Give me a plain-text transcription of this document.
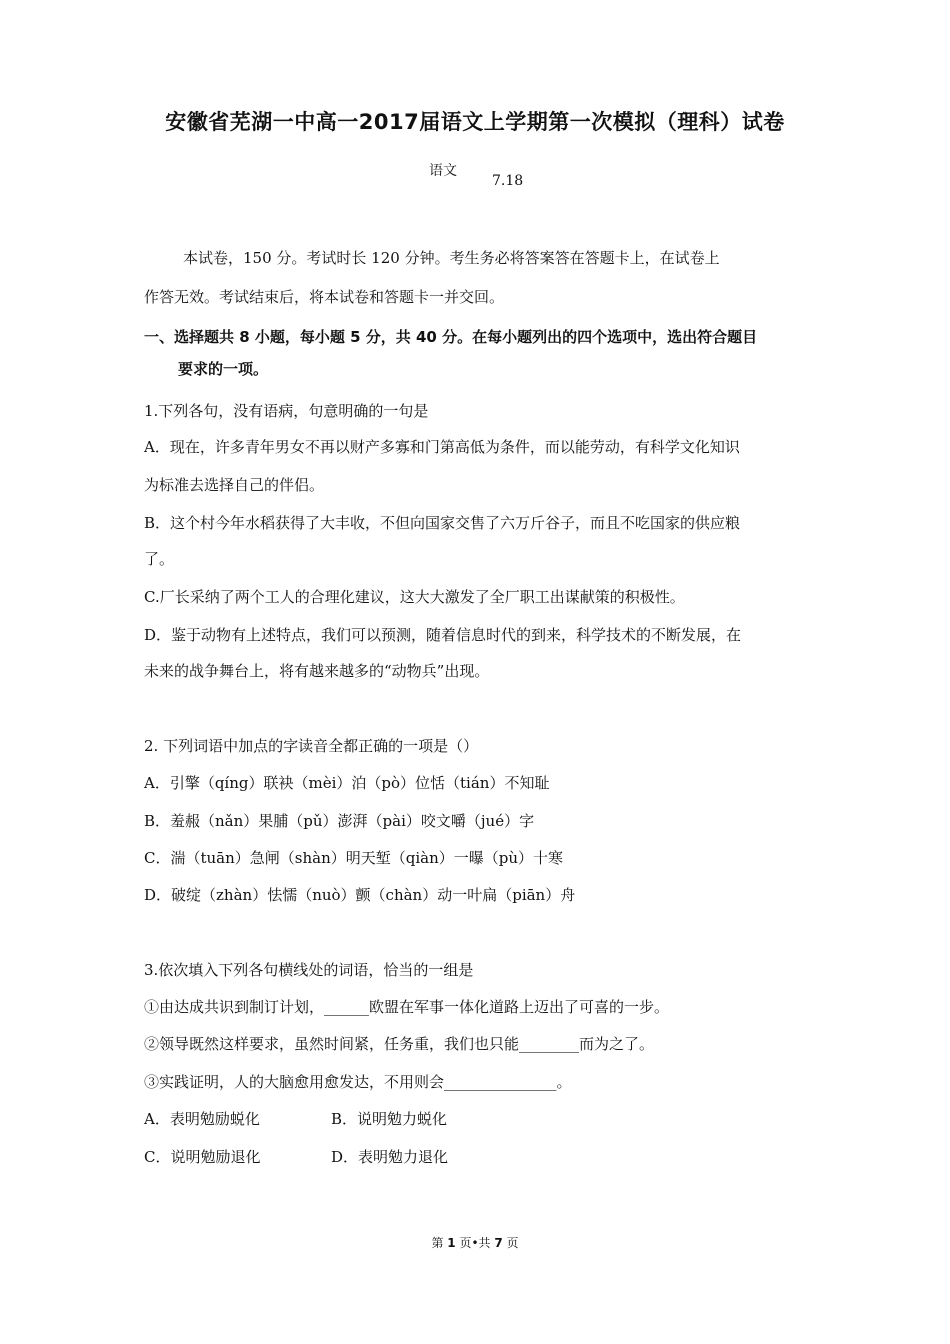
安徽省芜湖一中高一2017届语文上学期第一次模拟（理科）试卷
语文
7.18
本试卷，150 分。考试时长 120 分钟。考生务必将答案答在答题卡上，在试卷上
作答无效。考试结束后，将本试卷和答题卡一并交回。
一、选择题共 8 小题，每小题 5 分，共 40 分。在每小题列出的四个选项中，选出符合题目
要求的一项。
1.下列各句，没有语病，句意明确的一句是
A．现在，许多青年男女不再以财产多寡和门第高低为条件，而以能劳动，有科学文化知识
为标准去选择自己的伴侣。
B．这个村今年水稻获得了大丰收，不但向国家交售了六万斤谷子，而且不吃国家的供应粮
了。
C.厂长采纳了两个工人的合理化建议，这大大激发了全厂职工出谋献策的积极性。
D．鉴于动物有上述特点，我们可以预测，随着信息时代的到来，科学技术的不断发展，在
未来的战争舞台上，将有越来越多的“动物兵”出现。
2. 下列词语中加点的字读音全都正确的一项是（）
A．引擎（qíng）联袂（mèi）泊（pò）位恬（tián）不知耻
B．羞赧（nǎn）果脯（pǔ）澎湃（pài）咬文嚼（jué）字
C．湍（tuān）急闸（shàn）明天堑（qiàn）一曝（pù）十寒
D．破绽（zhàn）怯懦（nuò）颤（chàn）动一叶扁（piān）舟
3.依次填入下列各句横线处的词语，恰当的一组是
①由达成共识到制订计划，______欧盟在军事一体化道路上迈出了可喜的一步。
②领导既然这样要求，虽然时间紧，任务重，我们也只能________而为之了。
③实践证明，人的大脑愈用愈发达，不用则会_______________。
A．表明勉励蜕化	B．说明勉力蜕化
C．说明勉励退化	D．表明勉力退化
第 1 页•共 7 页
